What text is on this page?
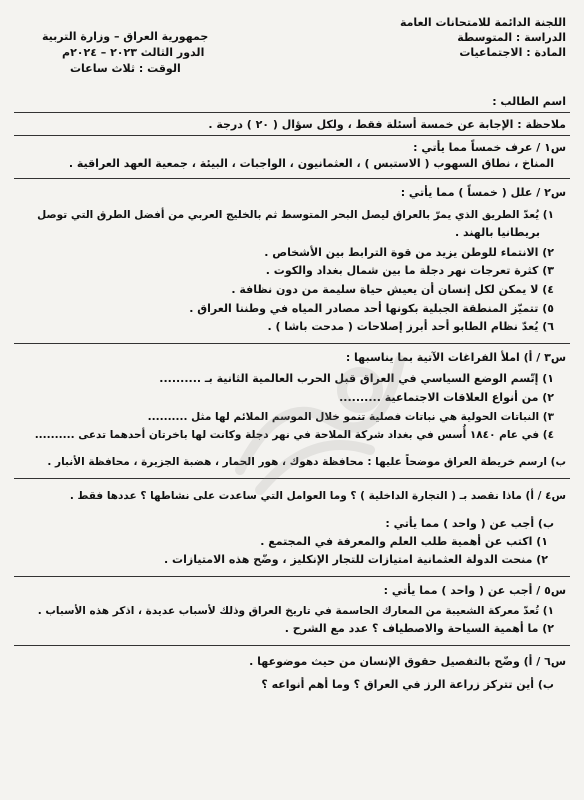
اللجنة الدائمة للامتحانات العامة
الدراسة : المتوسطة
المادة : الاجتماعيات
جمهورية العراق – وزارة التربية
الدور الثالث ٢٠٢٣ – ٢٠٢٤م
الوقت : ثلاث ساعات
اسم الطالب :
ملاحظة : الإجابة عن خمسة أسئلة فقط ، ولكل سؤال ( ٢٠ ) درجة .
س١ / عرف خمساً مما يأتي :
المناخ ، نطاق السهوب ( الاستبس ) ، العثمانيون ، الواجبات ، البيئة ، جمعية العهد العراقية .
س٢ / علل ( خمساً ) مما يأتي :
١) يُعدّ الطريق الذي يمرّ بالعراق ليصل البحر المتوسط ثم بالخليج العربي من أفضل الطرق التي توصل
بريطانيا بالهند .
٢) الانتماء للوطن يزيد من قوة الترابط بين الأشخاص .
٣) كثرة تعرجات نهر دجلة ما بين شمال بغداد والكوت .
٤) لا يمكن لكل إنسان أن يعيش حياة سليمة من دون نظافة .
٥) تتميّز المنطقة الجبلية بكونها أحد مصادر المياه في وطننا العراق .
٦) يُعدّ نظام الطابو أحد أبرز إصلاحات ( مدحت باشا ) .
س٣ / أ) املأ الفراغات الآتية بما يناسبها :
١) إتّسم الوضع السياسي في العراق قبل الحرب العالمية الثانية بـ ..........
٢) من أنواع العلاقات الاجتماعية ..........
٣) النباتات الحولية هي نباتات فصلية تنمو خلال الموسم الملائم لها مثل ..........
٤) في عام ١٨٤٠ أُسس في بغداد شركة الملاحة في نهر دجلة وكانت لها باخرتان أحدهما تدعى ..........
ب) ارسم خريطة العراق موضحاً عليها : محافظة دهوك ، هور الحمار ، هضبة الجزيرة ، محافظة الأنبار .
س٤ / أ) ماذا نقصد بـ ( التجارة الداخلية ) ؟ وما العوامل التي ساعدت على نشاطها ؟ عددها فقط .
ب) أجب عن ( واحد ) مما يأتي :
١) اكتب عن أهمية طلب العلم والمعرفة في المجتمع .
٢) منحت الدولة العثمانية امتيازات للتجار الإنكليز ، وضّح هذه الامتيازات .
س٥ / أجب عن ( واحد ) مما يأتي :
١) تُعدّ معركة الشعيبة من المعارك الحاسمة في تاريخ العراق وذلك لأسباب عديدة ، اذكر هذه الأسباب .
٢) ما أهمية السياحة والاصطياف ؟ عدد مع الشرح .
س٦ / أ) وضّح بالتفصيل حقوق الإنسان من حيث موضوعها .
ب) أين تتركز زراعة الرز في العراق ؟ وما أهم أنواعه ؟
